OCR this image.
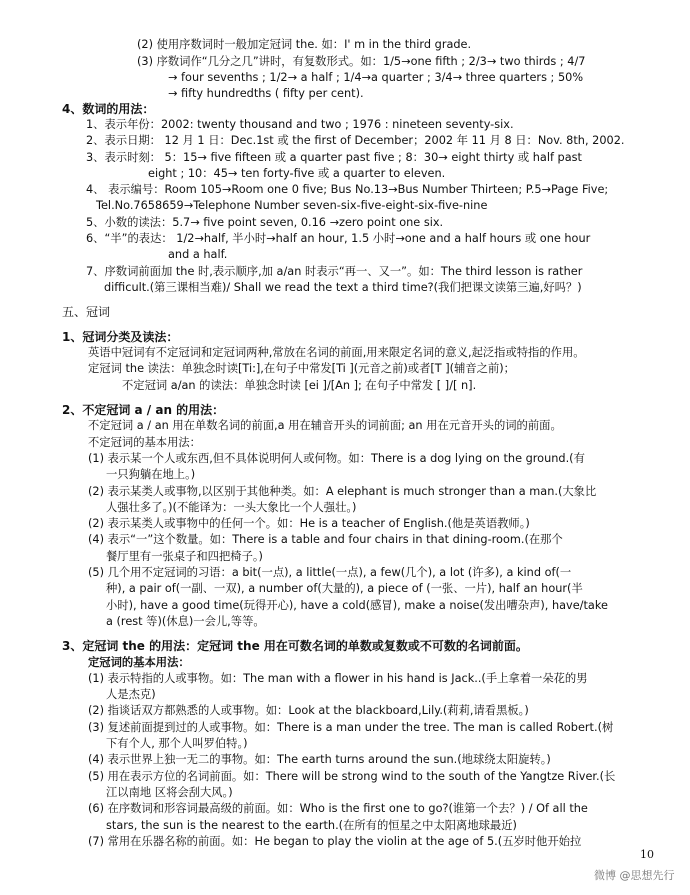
(2) 使用序数词时一般加定冠词 the. 如：I' m in the third grade.
(3) 序数词作“几分之几”讲时，有复数形式。如：1/5→one fifth ; 2/3→ two thirds ; 4/7
→ four sevenths ; 1/2→ a half ; 1/4→a quarter ; 3/4→ three quarters ; 50%
→ fifty hundredths ( fifty per cent).
4、数词的用法：
1、表示年份：2002: twenty thousand and two ; 1976 : nineteen seventy-six.
2、表示日期： 12 月 1 日：Dec.1st 或 the first of December；2002 年 11 月 8 日：Nov. 8th, 2002.
3、表示时刻： 5：15→ five fifteen 或 a quarter past five ; 8：30→ eight thirty 或 half past
eight ; 10：45→ ten forty-five 或 a quarter to eleven.
4、 表示编号：Room 105→Room one 0 five; Bus No.13→Bus Number Thirteen; P.5→Page Five;
Tel.No.7658659→Telephone Number seven-six-five-eight-six-five-nine
5、小数的读法：5.7→ five point seven, 0.16 →zero point one six.
6、“半”的表达： 1/2→half, 半小时→half an hour, 1.5 小时→one and a half hours 或 one hour
and a half.
7、序数词前面加 the 时,表示顺序,加 a/an 时表示“再一、又一”。如：The third lesson is rather
difficult.(第三课相当难)/ Shall we read the text a third time?(我们把课文读第三遍,好吗？)
五、冠词
1、冠词分类及读法：
英语中冠词有不定冠词和定冠词两种,常放在名词的前面,用来限定名词的意义,起泛指或特指的作用。
定冠词 the 读法：单独念时读[Ti:],在句子中常发[Ti ](元音之前)或者[T ](辅音之前)；
不定冠词 a/an 的读法：单独念时读 [ei ]/[An ]; 在句子中常发 [ ]/[ n].
2、不定冠词 a / an 的用法：
不定冠词 a / an 用在单数名词的前面,a 用在辅音开头的词前面; an 用在元音开头的词的前面。
不定冠词的基本用法：
(1) 表示某一个人或东西,但不具体说明何人或何物。如：There is a dog lying on the ground.(有
一只狗躺在地上。)
(2) 表示某类人或事物,以区别于其他种类。如：A elephant is much stronger than a man.(大象比
人强壮多了。)(不能译为：一头大象比一个人强壮。)
(2) 表示某类人或事物中的任何一个。如：He is a teacher of English.(他是英语教师。)
(4) 表示“一”这个数量。如：There is a table and four chairs in that dining-room.(在那个
餐厅里有一张桌子和四把椅子。)
(5) 几个用不定冠词的习语：a bit(一点), a little(一点), a few(几个), a lot (许多), a kind of(一
种), a pair of(一副、一双), a number of(大量的), a piece of (一张、一片), half an hour(半
小时), have a good time(玩得开心), have a cold(感冒), make a noise(发出嘈杂声), have/take
a (rest 等)(休息)一会儿,等等。
3、定冠词 the 的用法：定冠词 the 用在可数名词的单数或复数或不可数的名词前面。
定冠词的基本用法：
(1) 表示特指的人或事物。如：The man with a flower in his hand is Jack..(手上拿着一朵花的男
人是杰克)
(2) 指谈话双方都熟悉的人或事物。如：Look at the blackboard,Lily.(莉莉,请看黑板。)
(3) 复述前面提到过的人或事物。如：There is a man under the tree. The man is called Robert.(树
下有个人, 那个人叫罗伯特。)
(4) 表示世界上独一无二的事物。如：The earth turns around the sun.(地球绕太阳旋转。)
(5) 用在表示方位的名词前面。如：There will be strong wind to the south of the Yangtze River.(长
江以南地 区将会刮大风。)
(6) 在序数词和形容词最高级的前面。如：Who is the first one to go?(谁第一个去？) / Of all the
stars, the sun is the nearest to the earth.(在所有的恒星之中太阳离地球最近)
(7) 常用在乐器名称的前面。如：He began to play the violin at the age of 5.(五岁时他开始拉
10
微博 @思想先行
